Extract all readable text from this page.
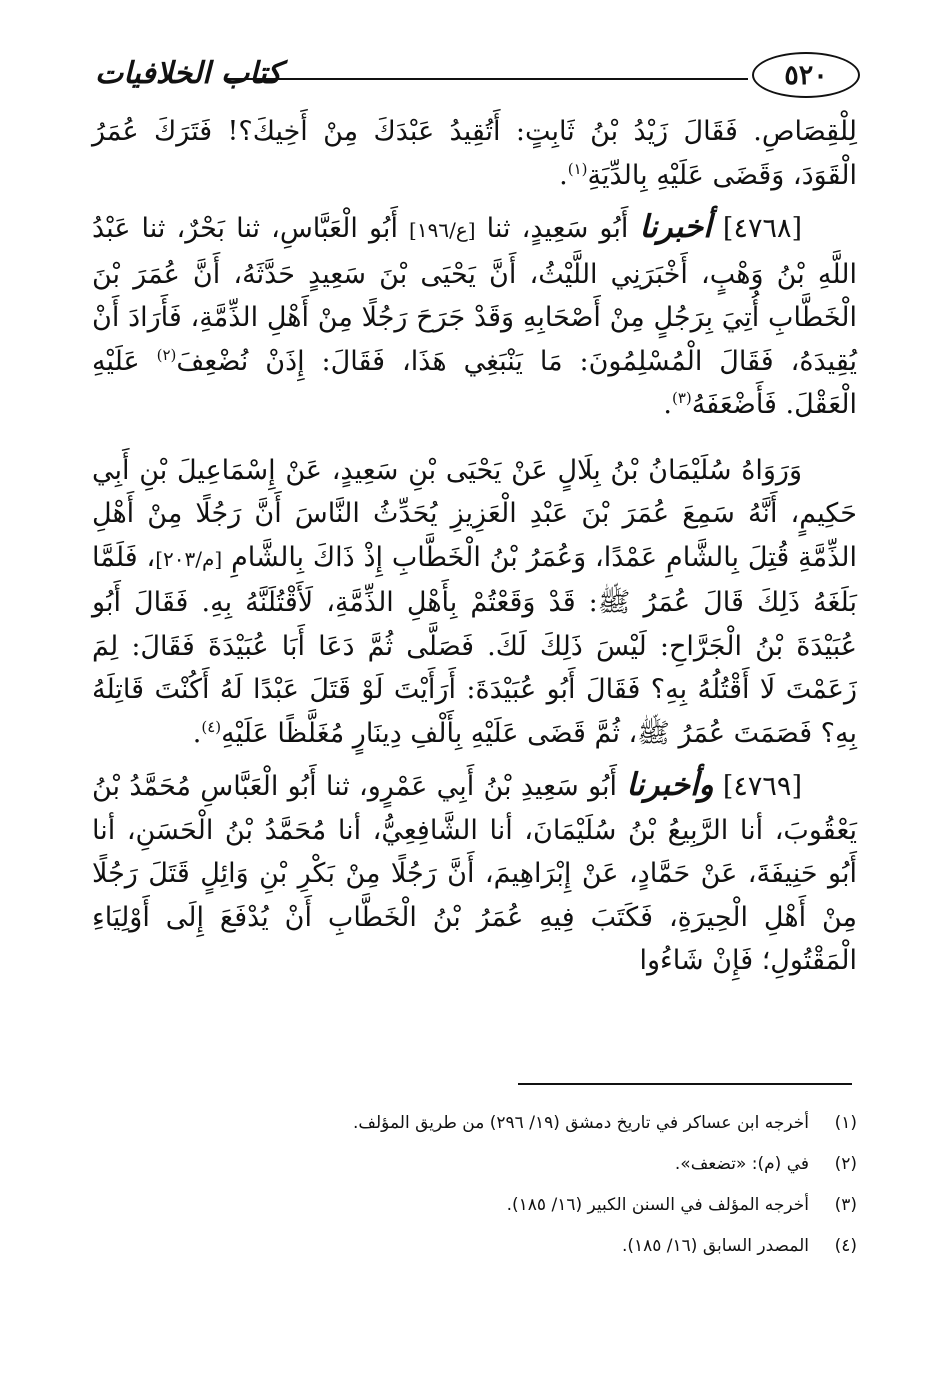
كتاب الخلافيات	٥٢٠

لِلْقِصَاصِ. فَقَالَ زَيْدُ بْنُ ثَابِتٍ: أَتُقِيدُ عَبْدَكَ مِنْ أَخِيكَ؟! فَتَرَكَ عُمَرُ الْقَوَدَ، وَقَضَى عَلَيْهِ بِالدِّيَةِ$^{(١)}$.

[٤٧٦٨] أخبرنا أَبُو سَعِيدٍ، ثنا [ع/١٩٦] أَبُو الْعَبَّاسِ، ثنا بَحْرٌ، ثنا عَبْدُ اللَّهِ بْنُ وَهْبٍ، أَخْبَرَنِي اللَّيْثُ، أَنَّ يَحْيَى بْنَ سَعِيدٍ حَدَّثَهُ، أَنَّ عُمَرَ بْنَ الْخَطَّابِ أُتِيَ بِرَجُلٍ مِنْ أَصْحَابِهِ وَقَدْ جَرَحَ رَجُلًا مِنْ أَهْلِ الذِّمَّةِ، فَأَرَادَ أَنْ يُقِيدَهُ، فَقَالَ الْمُسْلِمُونَ: مَا يَنْبَغِي هَذَا، فَقَالَ: إِذَنْ نُضْعِفَ$^{(٢)}$ عَلَيْهِ الْعَقْلَ. فَأَضْعَفَهُ$^{(٣)}$.

وَرَوَاهُ سُلَيْمَانُ بْنُ بِلَالٍ عَنْ يَحْيَى بْنِ سَعِيدٍ، عَنْ إِسْمَاعِيلَ بْنِ أَبِي حَكِيمٍ، أَنَّهُ سَمِعَ عُمَرَ بْنَ عَبْدِ الْعَزِيزِ يُحَدِّثُ النَّاسَ أَنَّ رَجُلًا مِنْ أَهْلِ الذِّمَّةِ قُتِلَ بِالشَّامِ عَمْدًا، وَعُمَرُ بْنُ الْخَطَّابِ إِذْ ذَاكَ بِالشَّامِ [م/٢٠٣]، فَلَمَّا بَلَغَهُ ذَلِكَ قَالَ عُمَرُ ﷺ: قَدْ وَقَعْتُمْ بِأَهْلِ الذِّمَّةِ، لَأَقْتُلَنَّهُ بِهِ. فَقَالَ أَبُو عُبَيْدَةَ بْنُ الْجَرَّاحِ: لَيْسَ ذَلِكَ لَكَ. فَصَلَّى ثُمَّ دَعَا أَبَا عُبَيْدَةَ فَقَالَ: لِمَ زَعَمْتَ لَا أَقْتُلُهُ بِهِ؟ فَقَالَ أَبُو عُبَيْدَةَ: أَرَأَيْتَ لَوْ قَتَلَ عَبْدًا لَهُ أَكُنْتَ قَاتِلَهُ بِهِ؟ فَصَمَتَ عُمَرُ ﷺ، ثُمَّ قَضَى عَلَيْهِ بِأَلْفِ دِينَارٍ مُغَلَّظًا عَلَيْهِ$^{(٤)}$.

[٤٧٦٩] وأخبرنا أَبُو سَعِيدِ بْنُ أَبِي عَمْرٍو، ثنا أَبُو الْعَبَّاسِ مُحَمَّدُ بْنُ يَعْقُوبَ، أنا الرَّبِيعُ بْنُ سُلَيْمَانَ، أنا الشَّافِعِيُّ، أنا مُحَمَّدُ بْنُ الْحَسَنِ، أنا أَبُو حَنِيفَةَ، عَنْ حَمَّادٍ، عَنْ إِبْرَاهِيمَ، أَنَّ رَجُلًا مِنْ بَكْرِ بْنِ وَائِلٍ قَتَلَ رَجُلًا مِنْ أَهْلِ الْحِيرَةِ، فَكَتَبَ فِيهِ عُمَرُ بْنُ الْخَطَّابِ أَنْ يُدْفَعَ إِلَى أَوْلِيَاءِ الْمَقْتُولِ؛ فَإِنْ شَاءُوا

(١)
أخرجه ابن عساكر في تاريخ دمشق (١٩/ ٢٩٦) من طريق المؤلف.
(٢)
في (م): «تضعف».
(٣)
أخرجه المؤلف في السنن الكبير (١٦/ ١٨٥).
(٤)
المصدر السابق (١٦/ ١٨٥).
